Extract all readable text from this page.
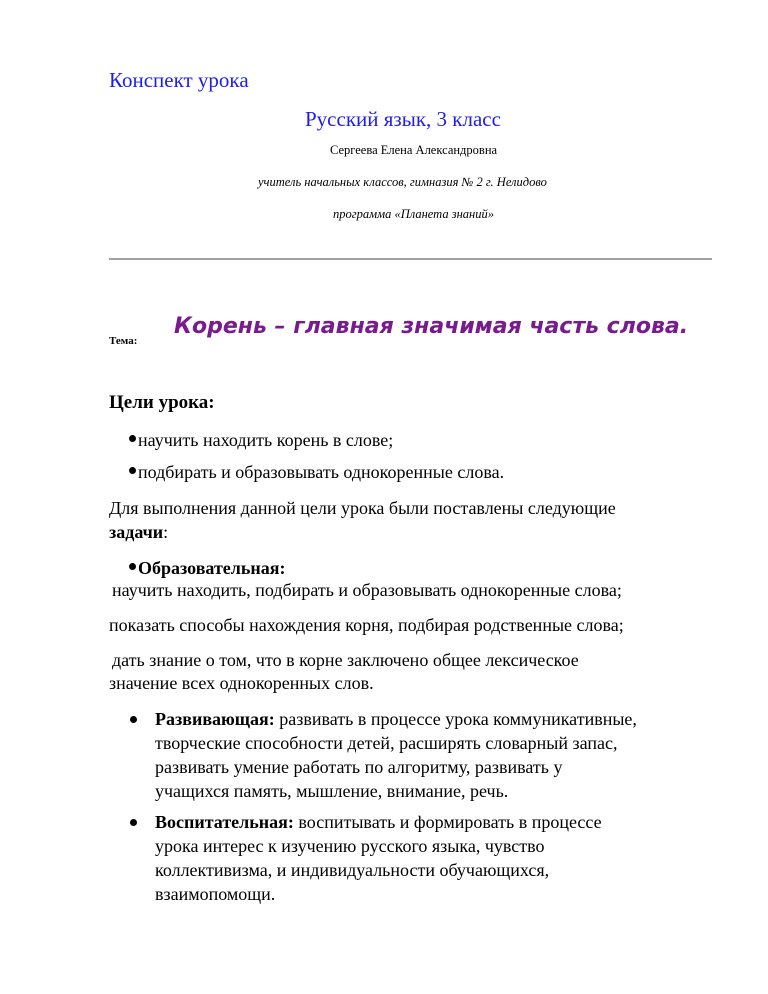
Конспект урока
Русский язык, 3 класс
Сергеева Елена Александровна
учитель начальных классов, гимназия № 2 г. Нелидово
программа «Планета знаний»
Тема:
Корень – главная значимая часть слова.
Цели урока:
научить находить корень в слове;
подбирать и образовывать однокоренные слова.
Для выполнения данной цели урока были поставлены следующие
задачи:
Образовательная:
научить находить, подбирать и образовывать однокоренные слова;
показать способы нахождения корня, подбирая родственные слова;
дать знание о том, что в корне заключено общее лексическое
значение всех однокоренных слов.
Развивающая: развивать в процессе урока коммуникативные,
творческие способности детей, расширять словарный запас,
развивать умение работать по алгоритму, развивать у
учащихся память, мышление, внимание, речь.
Воспитательная: воспитывать и формировать в процессе
урока интерес к изучению русского языка, чувство
коллективизма, и индивидуальности обучающихся,
взаимопомощи.
